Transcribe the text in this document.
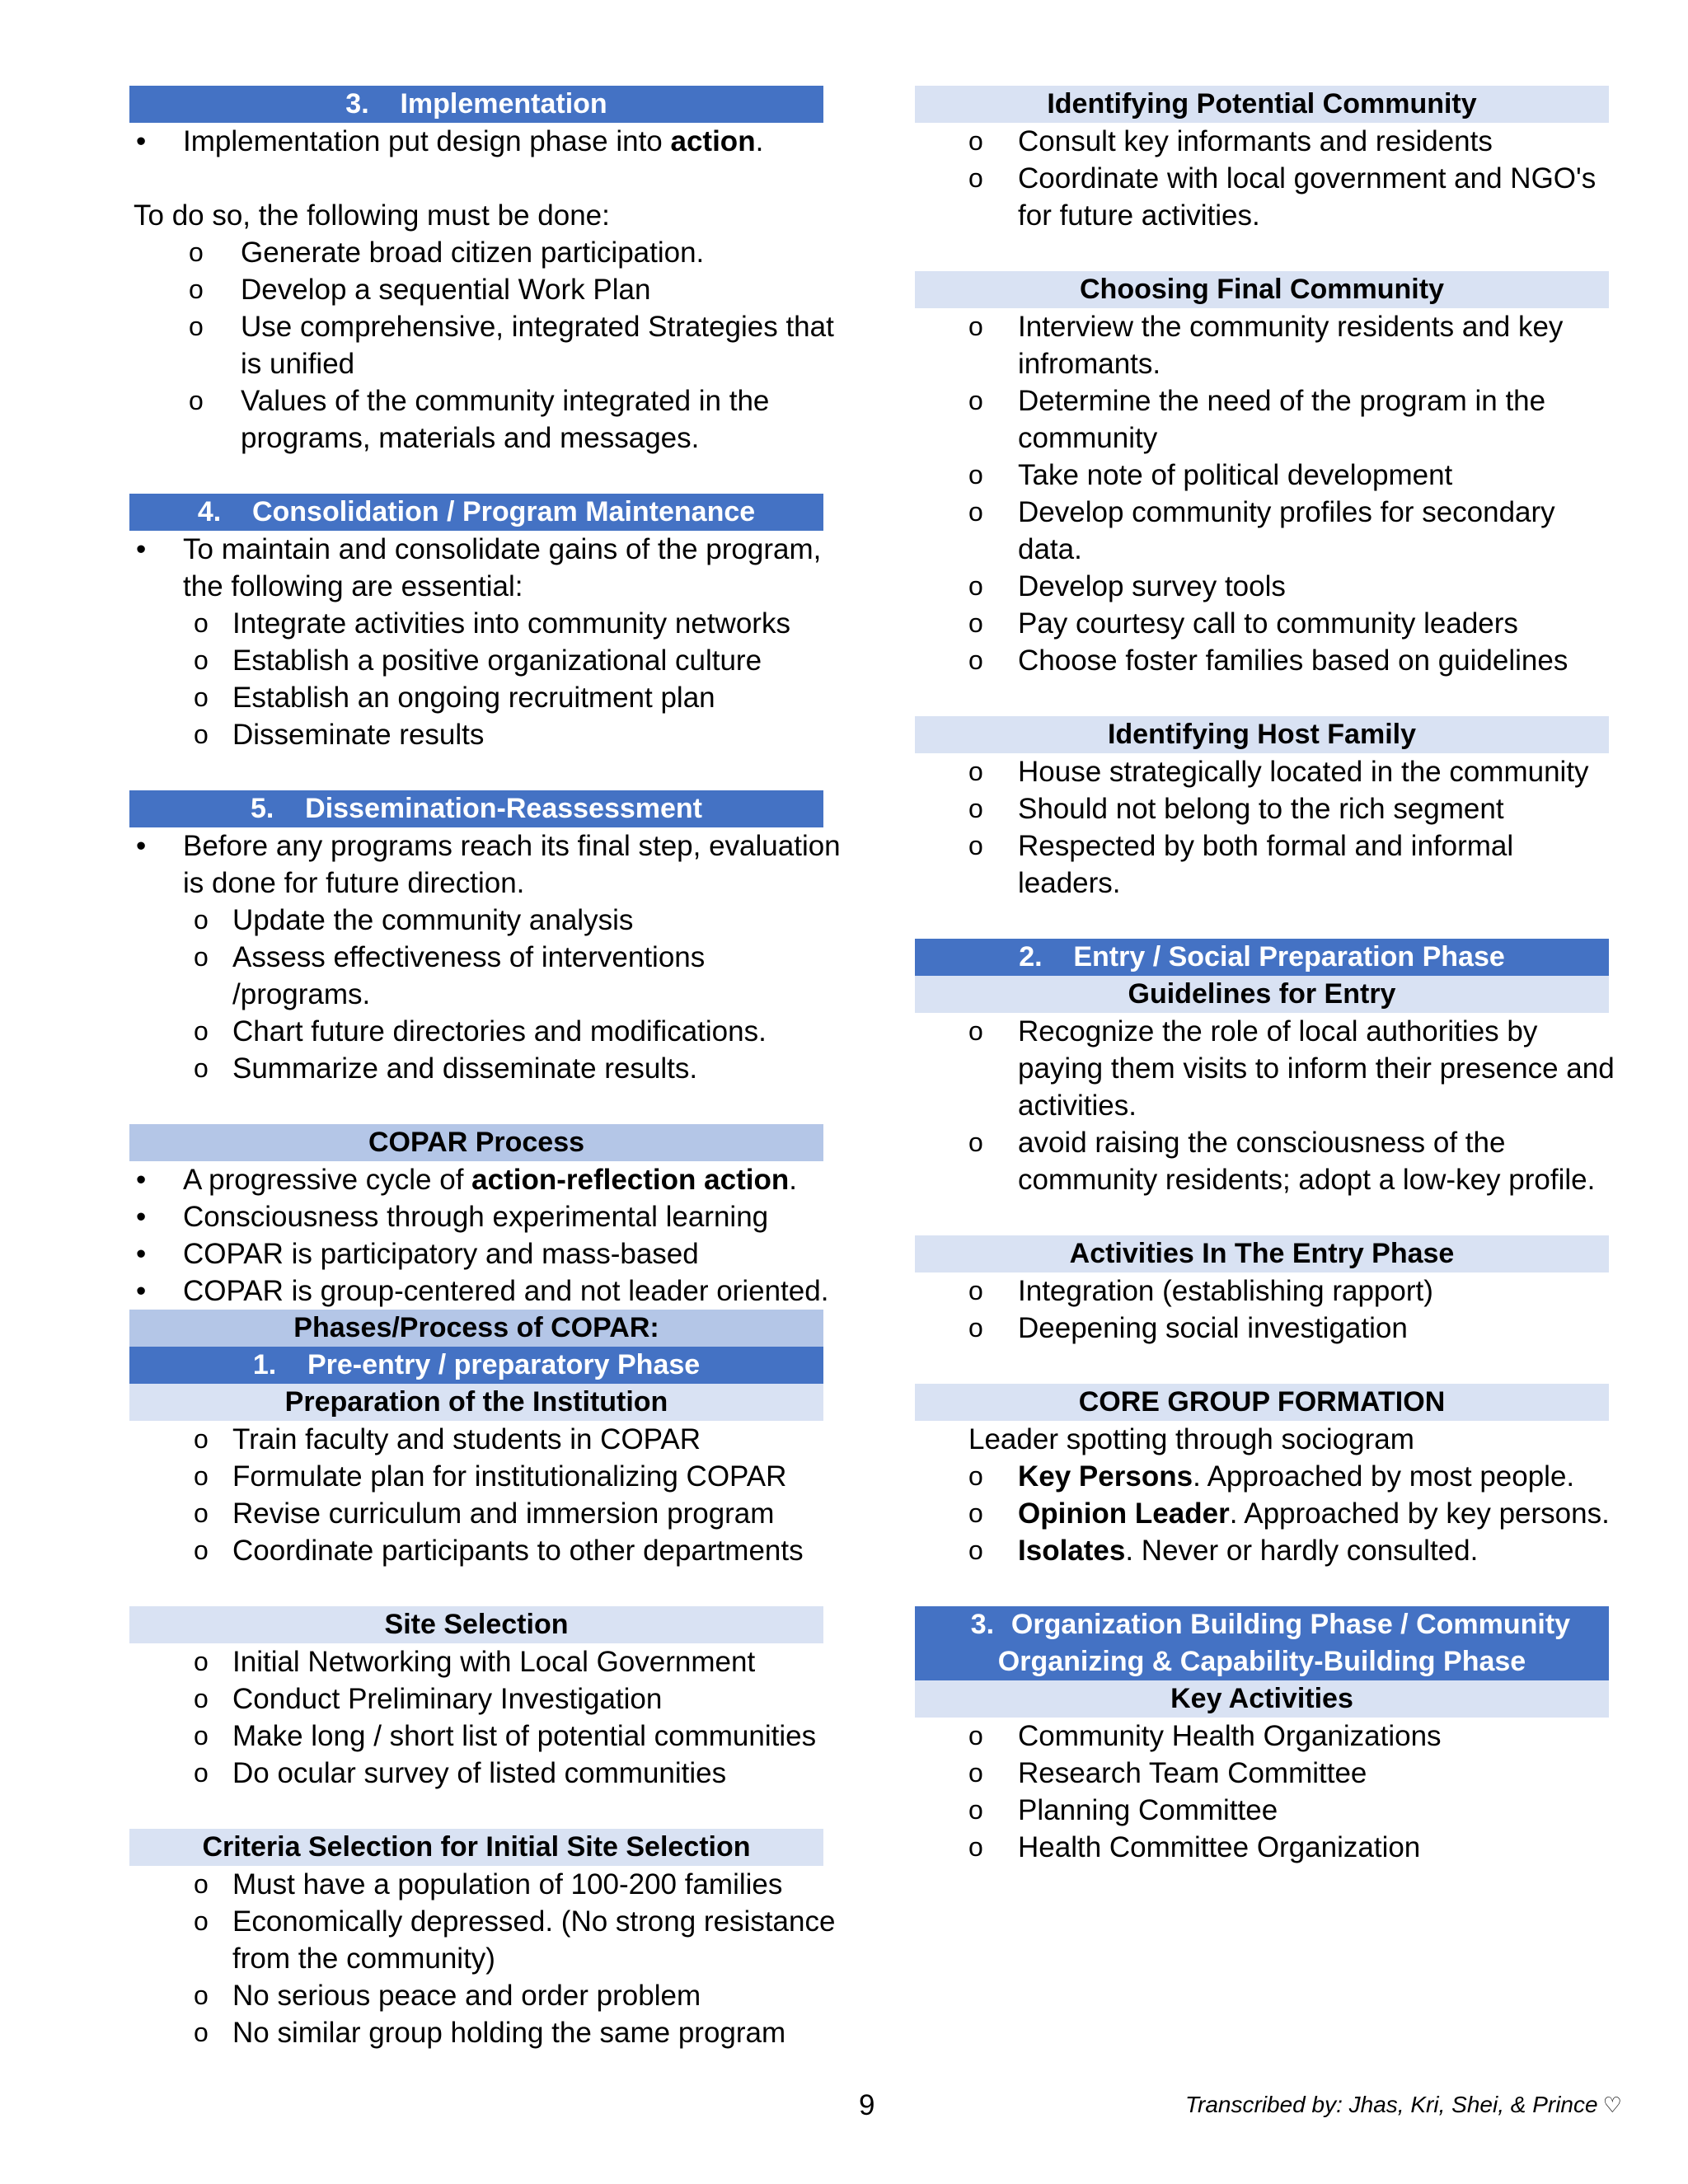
3. Implementation
• Implementation put design phase into action.
To do so, the following must be done:
o Generate broad citizen participation.
o Develop a sequential Work Plan
o Use comprehensive, integrated Strategies that
is unified
o Values of the community integrated in the
programs, materials and messages.
4. Consolidation / Program Maintenance
• To maintain and consolidate gains of the program,
the following are essential:
o Integrate activities into community networks
o Establish a positive organizational culture
o Establish an ongoing recruitment plan
o Disseminate results
5. Dissemination-Reassessment
• Before any programs reach its final step, evaluation
is done for future direction.
o Update the community analysis
o Assess effectiveness of interventions
/programs.
o Chart future directories and modifications.
o Summarize and disseminate results.
COPAR Process
• A progressive cycle of action-reflection action.
• Consciousness through experimental learning
• COPAR is participatory and mass-based
• COPAR is group-centered and not leader oriented.
Phases/Process of COPAR:
1. Pre-entry / preparatory Phase
Preparation of the Institution
o Train faculty and students in COPAR
o Formulate plan for institutionalizing COPAR
o Revise curriculum and immersion program
o Coordinate participants to other departments
Site Selection
o Initial Networking with Local Government
o Conduct Preliminary Investigation
o Make long / short list of potential communities
o Do ocular survey of listed communities
Criteria Selection for Initial Site Selection
o Must have a population of 100-200 families
o Economically depressed. (No strong resistance
from the community)
o No serious peace and order problem
o No similar group holding the same program
Identifying Potential Community
o Consult key informants and residents
o Coordinate with local government and NGO's
for future activities.
Choosing Final Community
o Interview the community residents and key
infromants.
o Determine the need of the program in the
community
o Take note of political development
o Develop community profiles for secondary
data.
o Develop survey tools
o Pay courtesy call to community leaders
o Choose foster families based on guidelines
Identifying Host Family
o House strategically located in the community
o Should not belong to the rich segment
o Respected by both formal and informal
leaders.
2. Entry / Social Preparation Phase
Guidelines for Entry
o Recognize the role of local authorities by
paying them visits to inform their presence and
activities.
o avoid raising the consciousness of the
community residents; adopt a low-key profile.
Activities In The Entry Phase
o Integration (establishing rapport)
o Deepening social investigation
CORE GROUP FORMATION
Leader spotting through sociogram
o Key Persons. Approached by most people.
o Opinion Leader. Approached by key persons.
o Isolates. Never or hardly consulted.
3. Organization Building Phase / Community
Organizing & Capability-Building Phase
Key Activities
o Community Health Organizations
o Research Team Committee
o Planning Committee
o Health Committee Organization
9	Transcribed by: Jhas, Kri, Shei, & Prince ♡
